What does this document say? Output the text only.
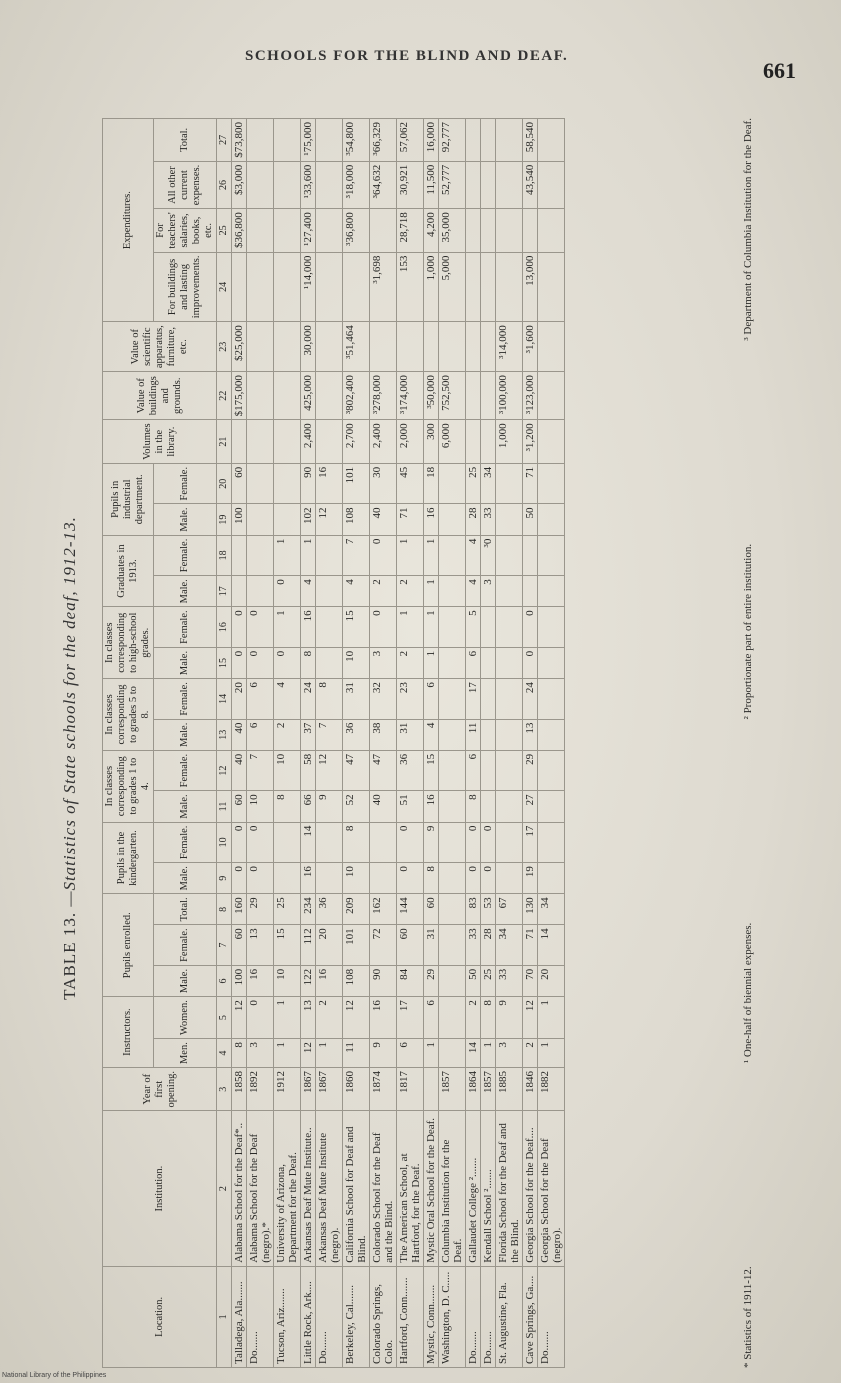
SCHOOLS FOR THE BLIND AND DEAF.
661
TABLE 13. —Statistics of State schools for the deaf, 1912-13.
Location.	Institution.	Year of first opening.	Instructors.		Pupils enrolled.			Pupils in the kindergarten.		In classes corresponding to grades 1 to 4.		In classes corresponding to grades 5 to 8.		In classes corresponding to high-school grades.		Graduates in 1913.		Pupils in industrial department.		Volumes in the library.	Value of buildings and grounds.	Value of scientific apparatus, furniture, etc.	Expenditures.			
			Men.	Women.	Male.	Female.	Total.	Male.	Female.	Male.	Female.	Male.	Female.	Male.	Female.	Male.	Female.	Male.	Female.				For buildings and lasting improvements.	For teachers' salaries, books, etc.	All other current expenses.	Total.
1	2	3	4	5	6	7	8	9	10	11	12	13	14	15	16	17	18	19	20	21	22	23	24	25	26	27
Talladega, Ala.......	Alabama School for the Deaf*..	1858	8	12	100	60	160	0	0	60	40	40	20	0	0			100	60		$175,000	$25,000		$36,800	$3,000	$73,800
Do.......	Alabama School for the Deaf (negro).*	1892	3	0	16	13	29	0	0	10	7	6	6	0	0											
Tucson, Ariz.......	University of Arizona, Department for the Deaf.	1912	1	1	10	15	25			8	10	2	4	0	1	0	1									
Little Rock, Ark....	Arkansas Deaf Mute Institute..	1867	12	13	122	112	234	16	14	66	58	37	24	8	16	4	1	102	90	2,400	425,000	30,000	¹14,000	¹27,400	¹33,600	¹75,000
Do.......	Arkansas Deaf Mute Institute (negro).	1867	1	2	16	20	36			9	12	7	8					12	16							
Berkeley, Cal.......	California School for Deaf and Blind.	1860	11	12	108	101	209	10	8	52	47	36	31	10	15	4	7	108	101	2,700	³802,400	³51,464		³36,800	³18,000	³54,800
Colorado Springs, Colo.	Colorado School for the Deaf and the Blind.	1874	9	16	90	72	162			40	47	38	32	3	0	2	0	40	30	2,400	³278,000		³1,698		³64,632	³66,329
Hartford, Conn.......	The American School, at Hartford, for the Deaf.	1817	6	17	84	60	144	0	0	51	36	31	23	2	1	2	1	71	45	2,000	³174,000		153	28,718	30,921	57,062
Mystic, Conn.......	Mystic Oral School for the Deaf.		1	6	29	31	60	8	9	16	15	4	6	1	1	1	1	16	18	300	³50,000		1,000	4,200	11,500	16,000
Washington, D. C.....	Columbia Institution for the Deaf.	1857																		6,000	752,500		5,000	35,000	52,777	92,777
Do.......	Gallaudet College ².......	1864	14	2	50	33	83	0	0	8	6	11	17	6	5	4	4	28	25							
Do.......	Kendall School ².......	1857	1	8	25	28	53	0	0							3	³0	33	34							
St. Augustine, Fla.	Florida School for the Deaf and the Blind.	1885	3	9	33	34	67													1,000	³100,000	³14,000				
Cave Springs, Ga....	Georgia School for the Deaf....	1846	2	12	70	71	130	19	17	27	29	13	24	0	0			50	71	³1,200	³123,000	³1,600	13,000		43,540	58,540
Do.......	Georgia School for the Deaf (negro).	1882	1	1	20	14	34																			
* Statistics of 1911-12.
¹ One-half of biennial expenses.
² Proportionate part of entire institution.
³ Department of Columbia Institution for the Deaf.
National Library of the Philippines
